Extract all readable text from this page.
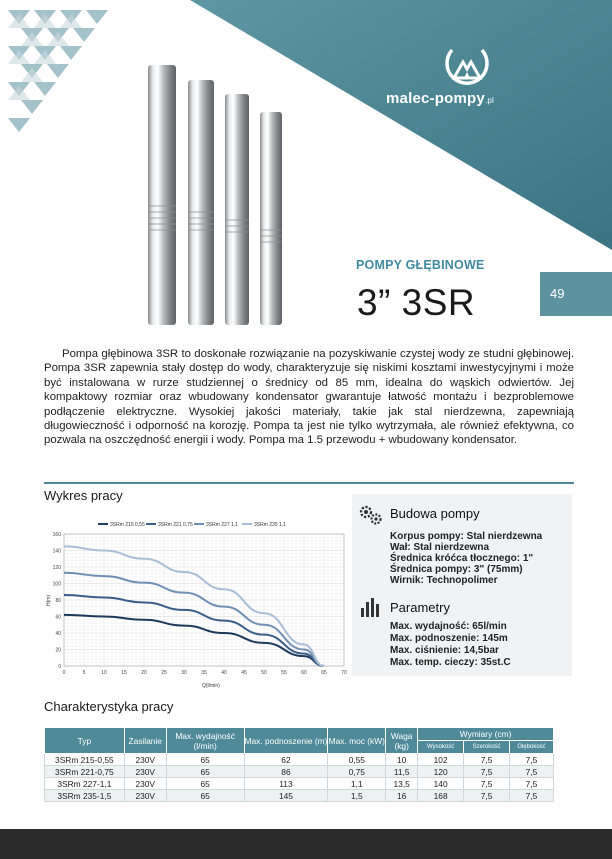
malec-pompy.pl
POMPY GŁĘBINOWE
3” 3SR	49
Pompa głębinowa 3SR to doskonałe rozwiązanie na pozyskiwanie czystej wody ze studni głębinowej. Pompa 3SR zapewnia stały dostęp do wody, charakteryzuje się niskimi kosztami inwestycyjnymi i może być instalowana w rurze studziennej o średnicy od 85 mm, idealna do wąskich odwiertów. Jej kompaktowy rozmiar oraz wbudowany kondensator gwarantuje łatwość montażu i bezproblemowe podłączenie elektryczne. Wysokiej jakości materiały, takie jak stal nierdzewna, zapewniają długowieczność i odporność na korozję. Pompa ta jest nie tylko wytrzymała, ale również efektywna, co pozwala na oszczędność energii i wody. Pompa ma 1.5 przewodu + wbudowany kondensator.
Wykres pracy
3SRm 215 0,55	3SRm 221 0,75	3SRm 227 1,1	3SRm 235 1,1
0	5	10	15	20	25	30	35	40	45	50	55	60	65	70
0
20
40
60
80
100
120
140
160
Q(l/min)
H(m)
Budowa pompy
Korpus pompy: Stal nierdzewna
Wał: Stal nierdzewna
Średnica króćca tłocznego: 1"
Średnica pompy: 3" (75mm)
Wirnik: Technopolimer
Parametry
Max. wydajność: 65l/min
Max. podnoszenie: 145m
Max. ciśnienie: 14,5bar
Max. temp. cieczy: 35st.C
Charakterystyka pracy
Typ	Zasilanie	Max. wydajność (l/min)	Max. podnoszenie (m)	Max. moc (kW)	Waga (kg)	Wymiary (cm)		
						Wysokość	Szerokość	Głębokość
3SRm 215-0,55	230V	65	62	0,55	10	102	7,5	7,5
3SRm 221-0,75	230V	65	86	0,75	11,5	120	7,5	7,5
3SRm 227-1,1	230V	65	113	1,1	13,5	140	7,5	7,5
3SRm 235-1,5	230V	65	145	1,5	16	168	7,5	7,5
